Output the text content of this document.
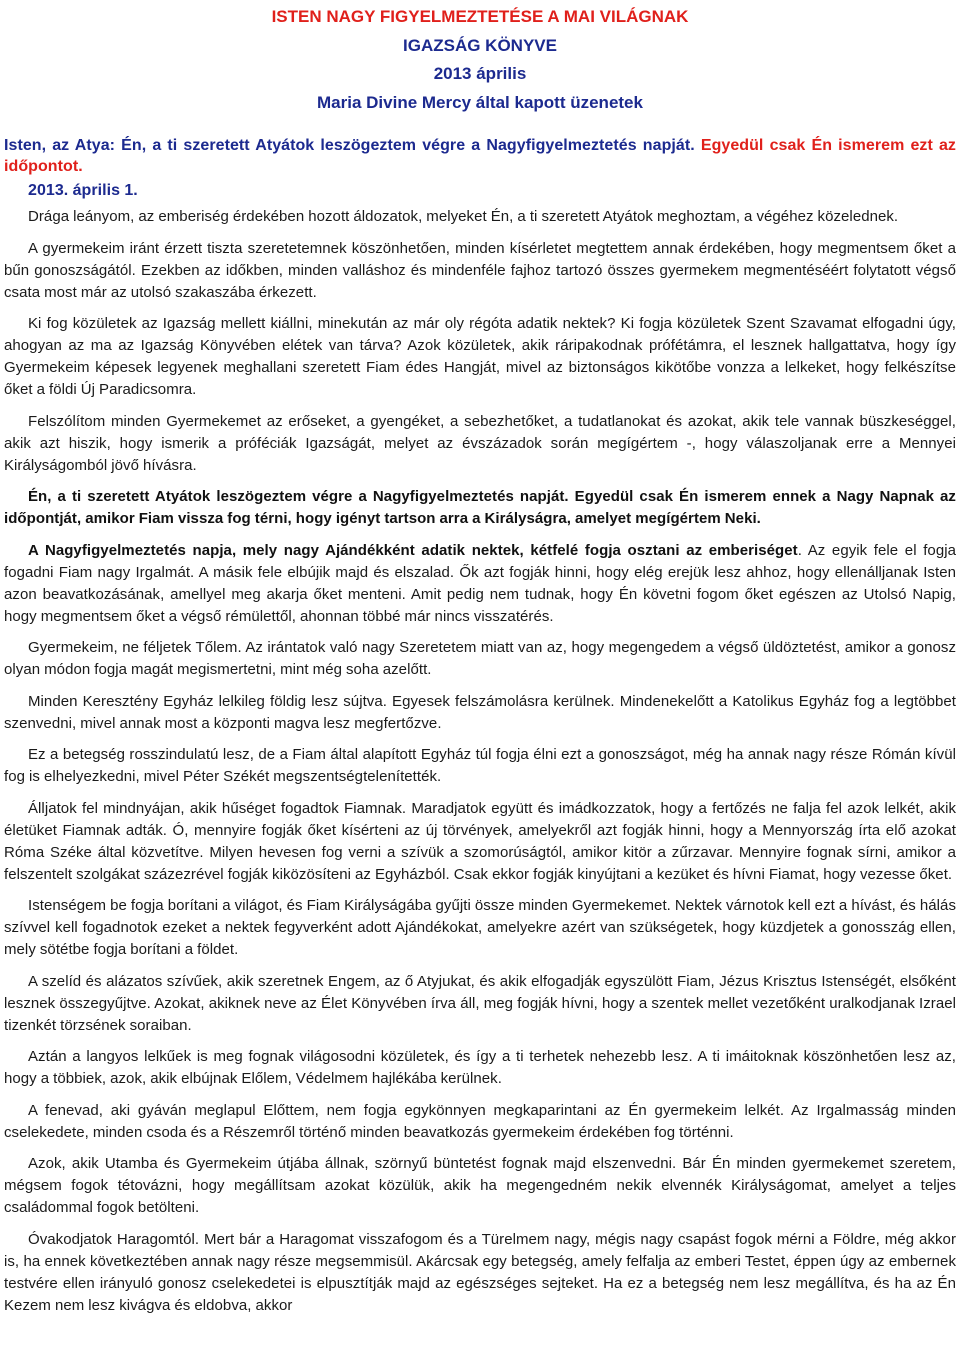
ISTEN NAGY FIGYELMEZTETÉSE A MAI VILÁGNAK

IGAZSÁG KÖNYVE

2013 április

Maria Divine Mercy által kapott üzenetek

Isten, az Atya: Én, a ti szeretett Atyátok leszögeztem végre a Nagyfigyelmeztetés napját. Egyedül csak Én ismerem ezt az időpontot.

2013. április 1.

Drága leányom, az emberiség érdekében hozott áldozatok, melyeket Én, a ti szeretett Atyátok meghoztam, a végéhez közelednek.

A gyermekeim iránt érzett tiszta szeretetemnek köszönhetően, minden kísérletet megtettem annak érdekében, hogy megmentsem őket a bűn gonoszságától. Ezekben az időkben, minden valláshoz és mindenféle fajhoz tartozó összes gyermekem megmentéséért folytatott végső csata most már az utolsó szakaszába érkezett.

Ki fog közületek az Igazság mellett kiállni, minekután az már oly régóta adatik nektek? Ki fogja közületek Szent Szavamat elfogadni úgy, ahogyan az ma az Igazság Könyvében elétek van tárva? Azok közületek, akik ráripakodnak prófétámra, el lesznek hallgattatva, hogy így Gyermekeim képesek legyenek meghallani szeretett Fiam édes Hangját, mivel az biztonságos kikötőbe vonzza a lelkeket, hogy felkészítse őket a földi Új Paradicsomra.

Felszólítom minden Gyermekemet az erőseket, a gyengéket, a sebezhetőket, a tudatlanokat és azokat, akik tele vannak büszkeséggel, akik azt hiszik, hogy ismerik a próféciák Igazságát, melyet az évszázadok során megígértem -, hogy válaszoljanak erre a Mennyei Királyságomból jövő hívásra.

Én, a ti szeretett Atyátok leszögeztem végre a Nagyfigyelmeztetés napját. Egyedül csak Én ismerem ennek a Nagy Napnak az időpontját, amikor Fiam vissza fog térni, hogy igényt tartson arra a Királyságra, amelyet megígértem Neki.

A Nagyfigyelmeztetés napja, mely nagy Ajándékként adatik nektek, kétfelé fogja osztani az emberiséget. Az egyik fele el fogja fogadni Fiam nagy Irgalmát. A másik fele elbújik majd és elszalad. Ők azt fogják hinni, hogy elég erejük lesz ahhoz, hogy ellenálljanak Isten azon beavatkozásának, amellyel meg akarja őket menteni. Amit pedig nem tudnak, hogy Én követni fogom őket egészen az Utolsó Napig, hogy megmentsem őket a végső rémülettől, ahonnan többé már nincs visszatérés.

Gyermekeim, ne féljetek Tőlem. Az irántatok való nagy Szeretetem miatt van az, hogy megengedem a végső üldöztetést, amikor a gonosz olyan módon fogja magát megismertetni, mint még soha azelőtt.

Minden Keresztény Egyház lelkileg földig lesz sújtva. Egyesek felszámolásra kerülnek. Mindenekelőtt a Katolikus Egyház fog a legtöbbet szenvedni, mivel annak most a központi magva lesz megfertőzve.

Ez a betegség rosszindulatú lesz, de a Fiam által alapított Egyház túl fogja élni ezt a gonoszságot, még ha annak nagy része Rómán kívül fog is elhelyezkedni, mivel Péter Székét megszentségtelenítették.

Álljatok fel mindnyájan, akik hűséget fogadtok Fiamnak. Maradjatok együtt és imádkozzatok, hogy a fertőzés ne falja fel azok lelkét, akik életüket Fiamnak adták. Ó, mennyire fogják őket kísérteni az új törvények, amelyekről azt fogják hinni, hogy a Mennyország írta elő azokat Róma Széke által közvetítve. Milyen hevesen fog verni a szívük a szomorúságtól, amikor kitör a zűrzavar. Mennyire fognak sírni, amikor a felszentelt szolgákat százezrével fogják kiközösíteni az Egyházból. Csak ekkor fogják kinyújtani a kezüket és hívni Fiamat, hogy vezesse őket.

Istenségem be fogja borítani a világot, és Fiam Királyságába gyűjti össze minden Gyermekemet. Nektek várnotok kell ezt a hívást, és hálás szívvel kell fogadnotok ezeket a nektek fegyverként adott Ajándékokat, amelyekre azért van szükségetek, hogy küzdjetek a gonosszág ellen, mely sötétbe fogja borítani a földet.

A szelíd és alázatos szívűek, akik szeretnek Engem, az ő Atyjukat, és akik elfogadják egyszülött Fiam, Jézus Krisztus Istenségét, elsőként lesznek összegyűjtve. Azokat, akiknek neve az Élet Könyvében írva áll, meg fogják hívni, hogy a szentek mellet vezetőként uralkodjanak Izrael tizenkét törzsének soraiban.

Aztán a langyos lelkűek is meg fognak világosodni közületek, és így a ti terhetek nehezebb lesz. A ti imáitoknak köszönhetően lesz az, hogy a többiek, azok, akik elbújnak Előlem, Védelmem hajlékába kerülnek.

A fenevad, aki gyáván meglapul Előttem, nem fogja egykönnyen megkaparintani az Én gyermekeim lelkét. Az Irgalmasság minden cselekedete, minden csoda és a Részemről történő minden beavatkozás gyermekeim érdekében fog történni.

Azok, akik Utamba és Gyermekeim útjába állnak, szörnyű büntetést fognak majd elszenvedni. Bár Én minden gyermekemet szeretem, mégsem fogok tétovázni, hogy megállítsam azokat közülük, akik ha megengedném nekik elvennék Királyságomat, amelyet a teljes családommal fogok betölteni.

Óvakodjatok Haragomtól. Mert bár a Haragomat visszafogom és a Türelmem nagy, mégis nagy csapást fogok mérni a Földre, még akkor is, ha ennek következtében annak nagy része megsemmisül. Akárcsak egy betegség, amely felfalja az emberi Testet, éppen úgy az embernek testvére ellen irányuló gonosz cselekedetei is elpusztítják majd az egészséges sejteket. Ha ez a betegség nem lesz megállítva, és ha az Én Kezem nem lesz kivágva és eldobva, akkor
